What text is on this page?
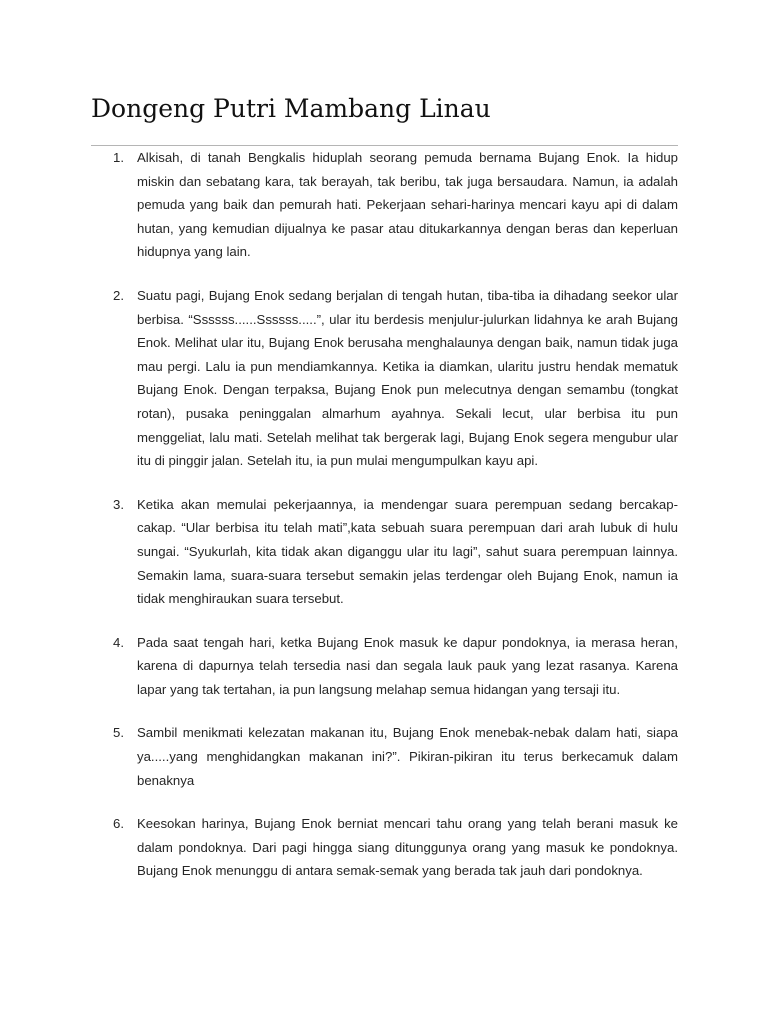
Dongeng Putri Mambang Linau
1. Alkisah, di tanah Bengkalis hiduplah seorang pemuda bernama Bujang Enok. Ia hidup miskin dan sebatang kara, tak berayah, tak beribu, tak juga bersaudara. Namun, ia adalah pemuda yang baik dan pemurah hati. Pekerjaan sehari-harinya mencari kayu api di dalam hutan, yang kemudian dijualnya ke pasar atau ditukarkannya dengan beras dan keperluan hidupnya yang lain.
2. Suatu pagi, Bujang Enok sedang berjalan di tengah hutan, tiba-tiba ia dihadang seekor ular berbisa. “Ssssss......Ssssss.....”, ular itu berdesis menjulur-julurkan lidahnya ke arah Bujang Enok. Melihat ular itu, Bujang Enok berusaha menghalaunya dengan baik, namun tidak juga mau pergi. Lalu ia pun mendiamkannya. Ketika ia diamkan, ularitu justru hendak mematuk Bujang Enok. Dengan terpaksa, Bujang Enok pun melecutnya dengan semambu (tongkat rotan), pusaka peninggalan almarhum ayahnya. Sekali lecut, ular berbisa itu pun menggeliat, lalu mati. Setelah melihat tak bergerak lagi, Bujang Enok segera mengubur ular itu di pinggir jalan. Setelah itu, ia pun mulai mengumpulkan kayu api.
3. Ketika akan memulai pekerjaannya, ia mendengar suara perempuan sedang bercakap-cakap. “Ular berbisa itu telah mati”,kata sebuah suara perempuan dari arah lubuk di hulu sungai. “Syukurlah, kita tidak akan diganggu ular itu lagi”, sahut suara perempuan lainnya. Semakin lama, suara-suara tersebut semakin jelas terdengar oleh Bujang Enok, namun ia tidak menghiraukan suara tersebut.
4. Pada saat tengah hari, ketka Bujang Enok masuk ke dapur pondoknya, ia merasa heran, karena di dapurnya telah tersedia nasi dan segala lauk pauk yang lezat rasanya. Karena lapar yang tak tertahan, ia pun langsung melahap semua hidangan yang tersaji itu.
5. Sambil menikmati kelezatan makanan itu, Bujang Enok menebak-nebak dalam hati, siapa ya.....yang menghidangkan makanan ini?”. Pikiran-pikiran itu terus berkecamuk dalam benaknya
6. Keesokan harinya, Bujang Enok berniat mencari tahu orang yang telah berani masuk ke dalam pondoknya. Dari pagi hingga siang ditunggunya orang yang masuk ke pondoknya. Bujang Enok menunggu di antara semak-semak yang berada tak jauh dari pondoknya.
